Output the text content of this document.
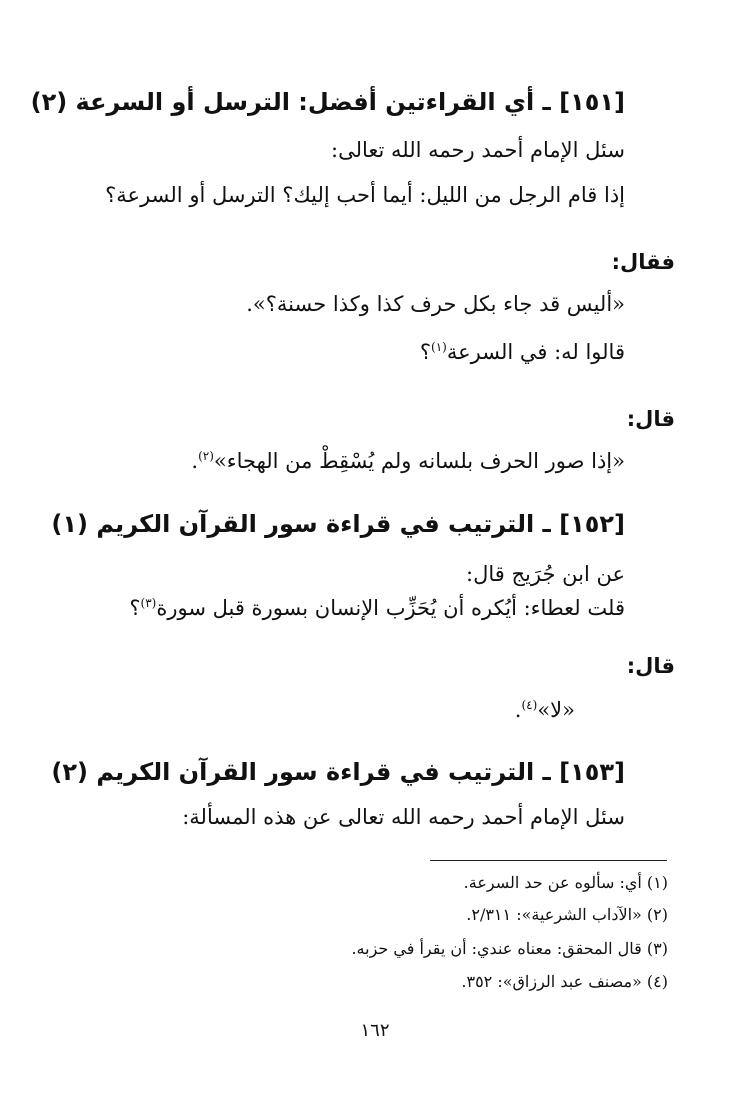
[١٥١] ـ أي القراءتين أفضل: الترسل أو السرعة (٢)
سئل الإمام أحمد رحمه الله تعالى:
إذا قام الرجل من الليل: أيما أحب إليك؟ الترسل أو السرعة؟
فقال:
«أليس قد جاء بكل حرف كذا وكذا حسنة؟».
قالوا له: في السرعة$^{(١)}$؟
قال:
«إذا صور الحرف بلسانه ولم يُسْقِطْ من الهجاء»$^{(٢)}$.
[١٥٢] ـ الترتيب في قراءة سور القرآن الكريم (١)
عن ابن جُرَيج قال:
قلت لعطاء: أيُكره أن يُحَزِّب الإنسان بسورة قبل سورة$^{(٣)}$؟
قال:
«لا»$^{(٤)}$.
[١٥٣] ـ الترتيب في قراءة سور القرآن الكريم (٢)
سئل الإمام أحمد رحمه الله تعالى عن هذه المسألة:
(١) أي: سألوه عن حد السرعة.
(٢) «الآداب الشرعية»: ٢/٣١١.
(٣) قال المحقق: معناه عندي: أن يقرأ في حزبه.
(٤) «مصنف عبد الرزاق»: ٣٥٢.
١٦٢
